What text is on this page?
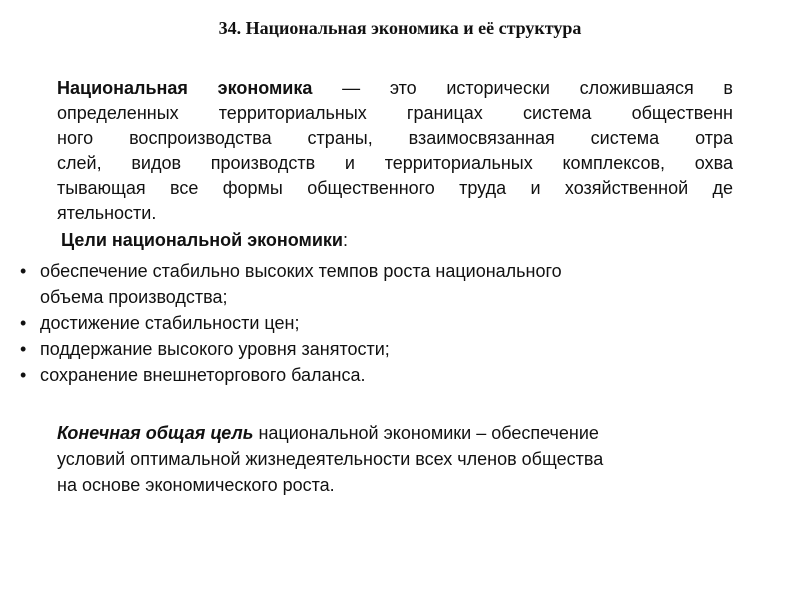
34. Национальная экономика и её структура
Национальная экономика — это исторически сложившаяся в
определенных территориальных границах система общественн
ного воспроизводства страны, взаимосвязанная система отра
слей, видов производств и территориальных комплексов, охва
тывающая все формы общественного труда и хозяйственной де
ятельности.
Цели национальной экономики:
• обеспечение стабильно высоких темпов роста национального
объема производства;
• достижение стабильности цен;
• поддержание высокого уровня занятости;
• сохранение внешнеторгового баланса.
Конечная общая цель национальной экономики – обеспечение
условий оптимальной жизнедеятельности всех членов общества
на основе экономического роста.
